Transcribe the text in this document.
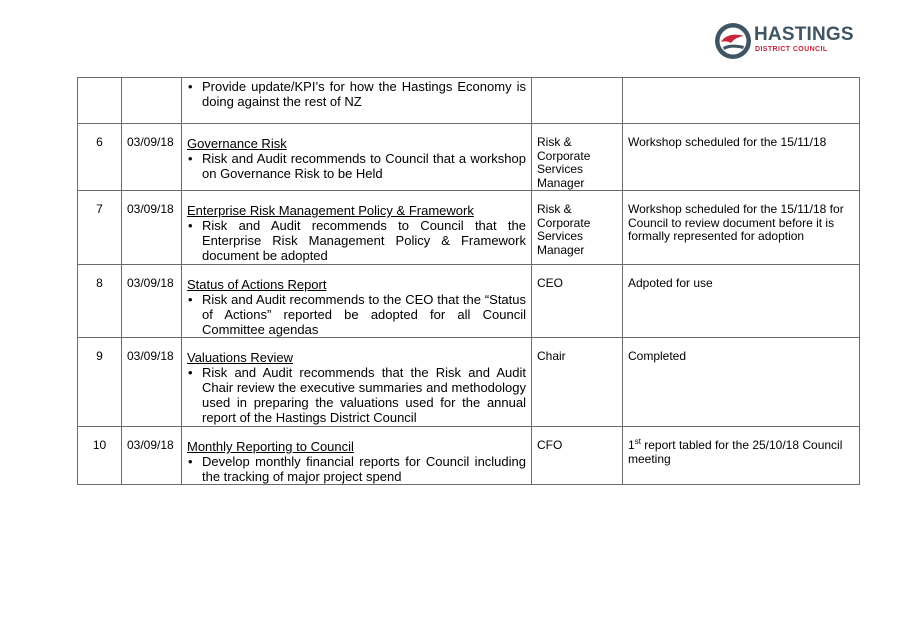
HASTINGS
DISTRICT COUNCIL

		• Provide update/KPI’s for how the Hastings Economy is doing against the rest of NZ		

6	03/09/18	Governance Risk
• Risk and Audit recommends to Council that a workshop on Governance Risk to be Held	Risk & Corporate Services Manager	Workshop scheduled for the 15/11/18
7	03/09/18	Enterprise Risk Management Policy & Framework
• Risk and Audit recommends to Council that the Enterprise Risk Management Policy & Framework document be adopted	Risk & Corporate Services Manager	Workshop scheduled for the 15/11/18 for Council to review document before it is formally represented for adoption
8	03/09/18	Status of Actions Report
• Risk and Audit recommends to the CEO that the “Status of Actions” reported be adopted for all Council Committee agendas	CEO	Adpoted for use
9	03/09/18	Valuations Review
• Risk and Audit recommends that the Risk and Audit Chair review the executive summaries and methodology used in preparing the valuations used for the annual report of the Hastings District Council	Chair	Completed
10	03/09/18	Monthly Reporting to Council
• Develop monthly financial reports for Council including the tracking of major project spend	CFO	1st report tabled for the 25/10/18 Council meeting
